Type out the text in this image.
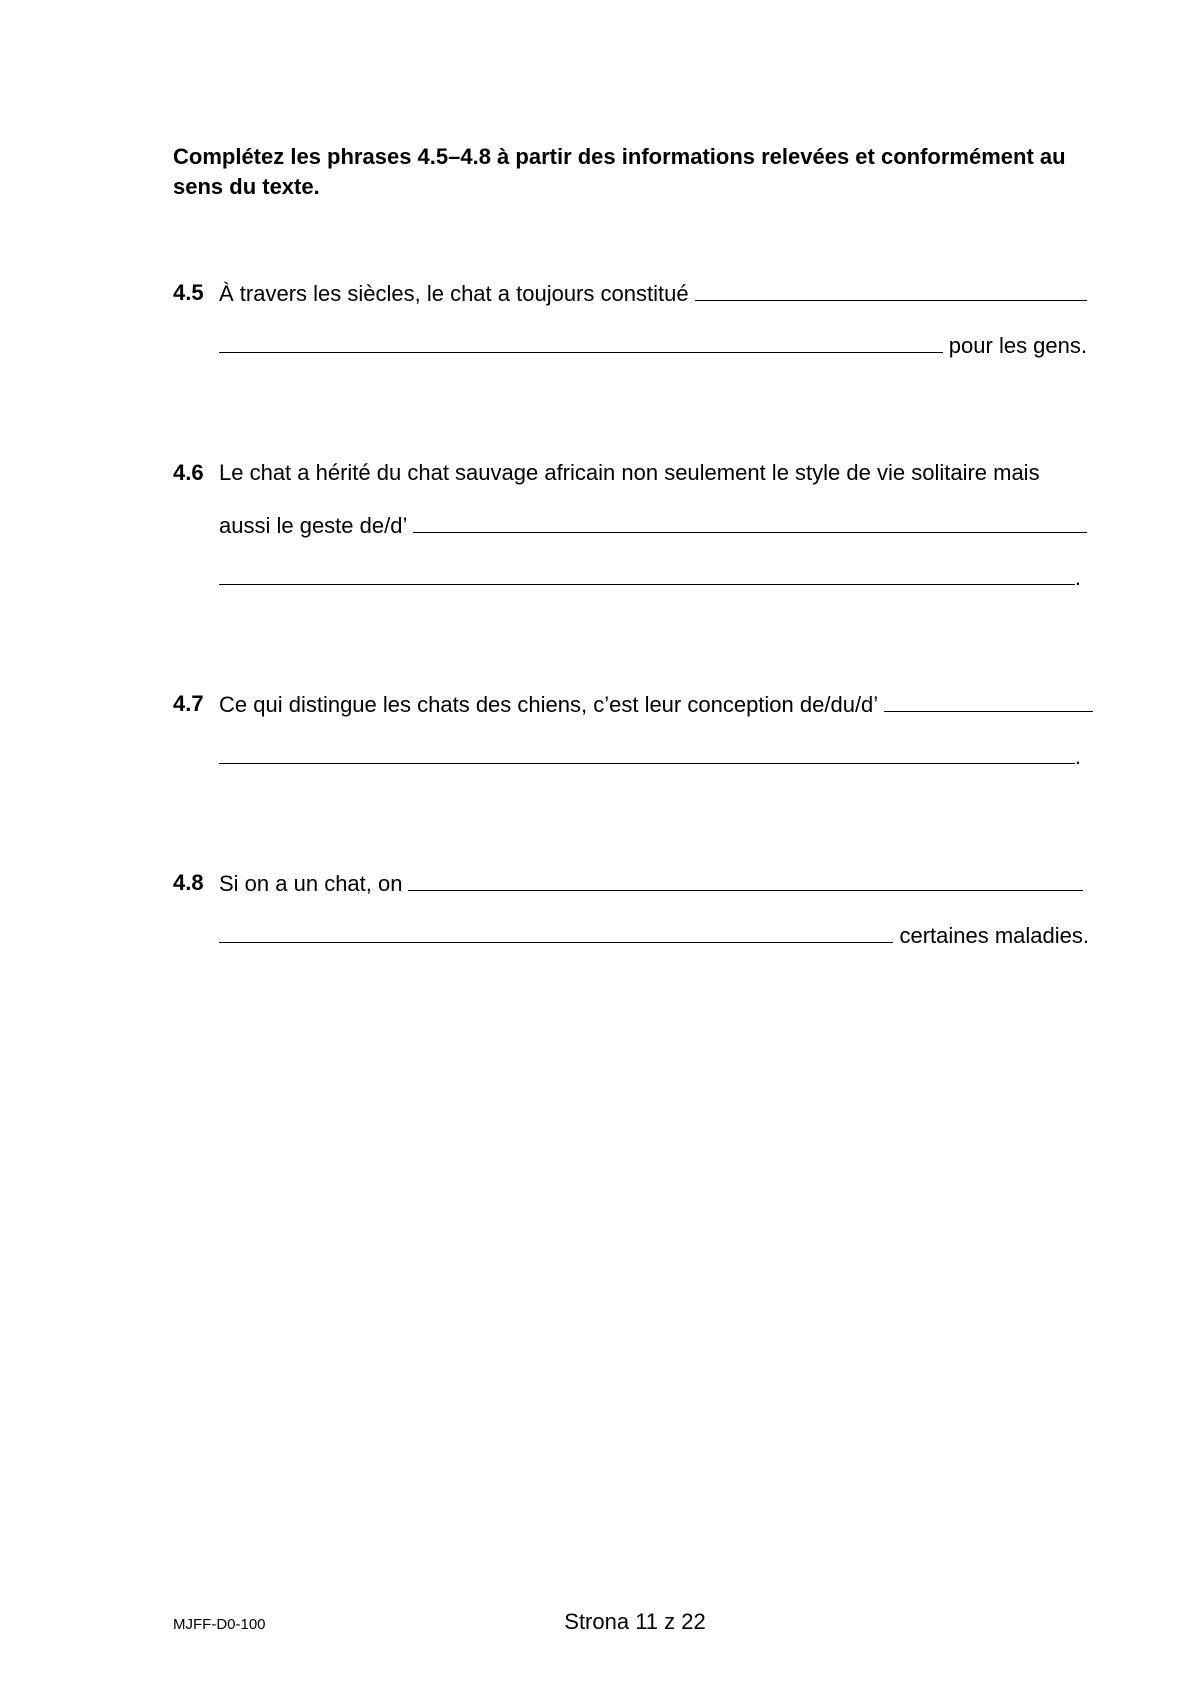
Complétez les phrases 4.5–4.8 à partir des informations relevées et conformément au sens du texte.

4.5 À travers les siècles, le chat a toujours constitué
pour les gens.
4.6 Le chat a hérité du chat sauvage africain non seulement le style de vie solitaire mais
aussi le geste de/d’
.
4.7 Ce qui distingue les chats des chiens, c’est leur conception de/du/d’
.
4.8 Si on a un chat, on
certaines maladies.
MJFF-D0-100	Strona 11 z 22
